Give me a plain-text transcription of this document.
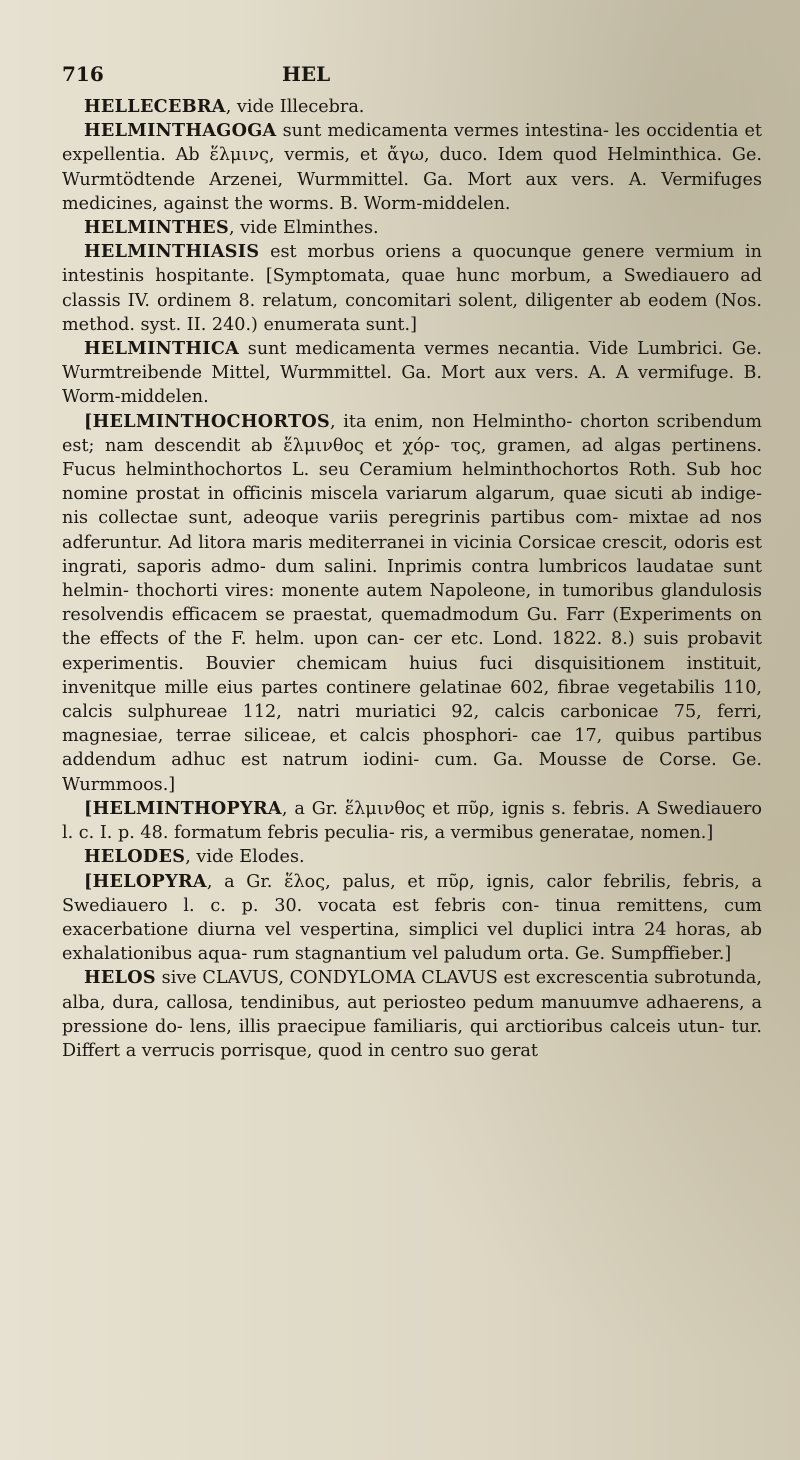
716	HEL

HELLECEBRA, vide Illecebra.

HELMINTHAGOGA sunt medicamenta vermes intestina- les occidentia et expellentia. Ab ἕλμινς, vermis, et ἄγω, duco. Idem quod Helminthica. Ge. Wurmtödtende Arzenei, Wurmmittel. Ga. Mort aux vers. A. Vermifuges medicines, against the worms. B. Worm-middelen.

HELMINTHES, vide Elminthes.

HELMINTHIASIS est morbus oriens a quocunque genere vermium in intestinis hospitante. [Symptomata, quae hunc morbum, a Swediauero ad classis IV. ordinem 8. relatum, concomitari solent, diligenter ab eodem (Nos. method. syst. II. 240.) enumerata sunt.]

HELMINTHICA sunt medicamenta vermes necantia. Vide Lumbrici. Ge. Wurmtreibende Mittel, Wurmmittel. Ga. Mort aux vers. A. A vermifuge. B. Worm-middelen.

[HELMINTHOCHORTOS, ita enim, non Helmintho- chorton scribendum est; nam descendit ab ἕλμινθος et χόρ- τος, gramen, ad algas pertinens. Fucus helminthochortos L. seu Ceramium helminthochortos Roth. Sub hoc nomine prostat in officinis miscela variarum algarum, quae sicuti ab indige- nis collectae sunt, adeoque variis peregrinis partibus com- mixtae ad nos adferuntur. Ad litora maris mediterranei in vicinia Corsicae crescit, odoris est ingrati, saporis admo- dum salini. Inprimis contra lumbricos laudatae sunt helmin- thochorti vires: monente autem Napoleone, in tumoribus glandulosis resolvendis efficacem se praestat, quemadmodum Gu. Farr (Experiments on the effects of the F. helm. upon can- cer etc. Lond. 1822. 8.) suis probavit experimentis. Bouvier chemicam huius fuci disquisitionem instituit, invenitque mille eius partes continere gelatinae 602, fibrae vegetabilis 110, calcis sulphureae 112, natri muriatici 92, calcis carbonicae 75, ferri, magnesiae, terrae siliceae, et calcis phosphori- cae 17, quibus partibus addendum adhuc est natrum iodini- cum. Ga. Mousse de Corse. Ge. Wurmmoos.]

[HELMINTHOPYRA, a Gr. ἕλμινθος et πῦρ, ignis s. febris. A Swediauero l. c. I. p. 48. formatum febris peculia- ris, a vermibus generatae, nomen.]

HELODES, vide Elodes.

[HELOPYRA, a Gr. ἕλος, palus, et πῦρ, ignis, calor febrilis, febris, a Swediauero l. c. p. 30. vocata est febris con- tinua remittens, cum exacerbatione diurna vel vespertina, simplici vel duplici intra 24 horas, ab exhalationibus aqua- rum stagnantium vel paludum orta. Ge. Sumpffieber.]

HELOS sive CLAVUS, CONDYLOMA CLAVUS est excrescentia subrotunda, alba, dura, callosa, tendinibus, aut periosteo pedum manuumve adhaerens, a pressione do- lens, illis praecipue familiaris, qui arctioribus calceis utun- tur. Differt a verrucis porrisque, quod in centro suo gerat
